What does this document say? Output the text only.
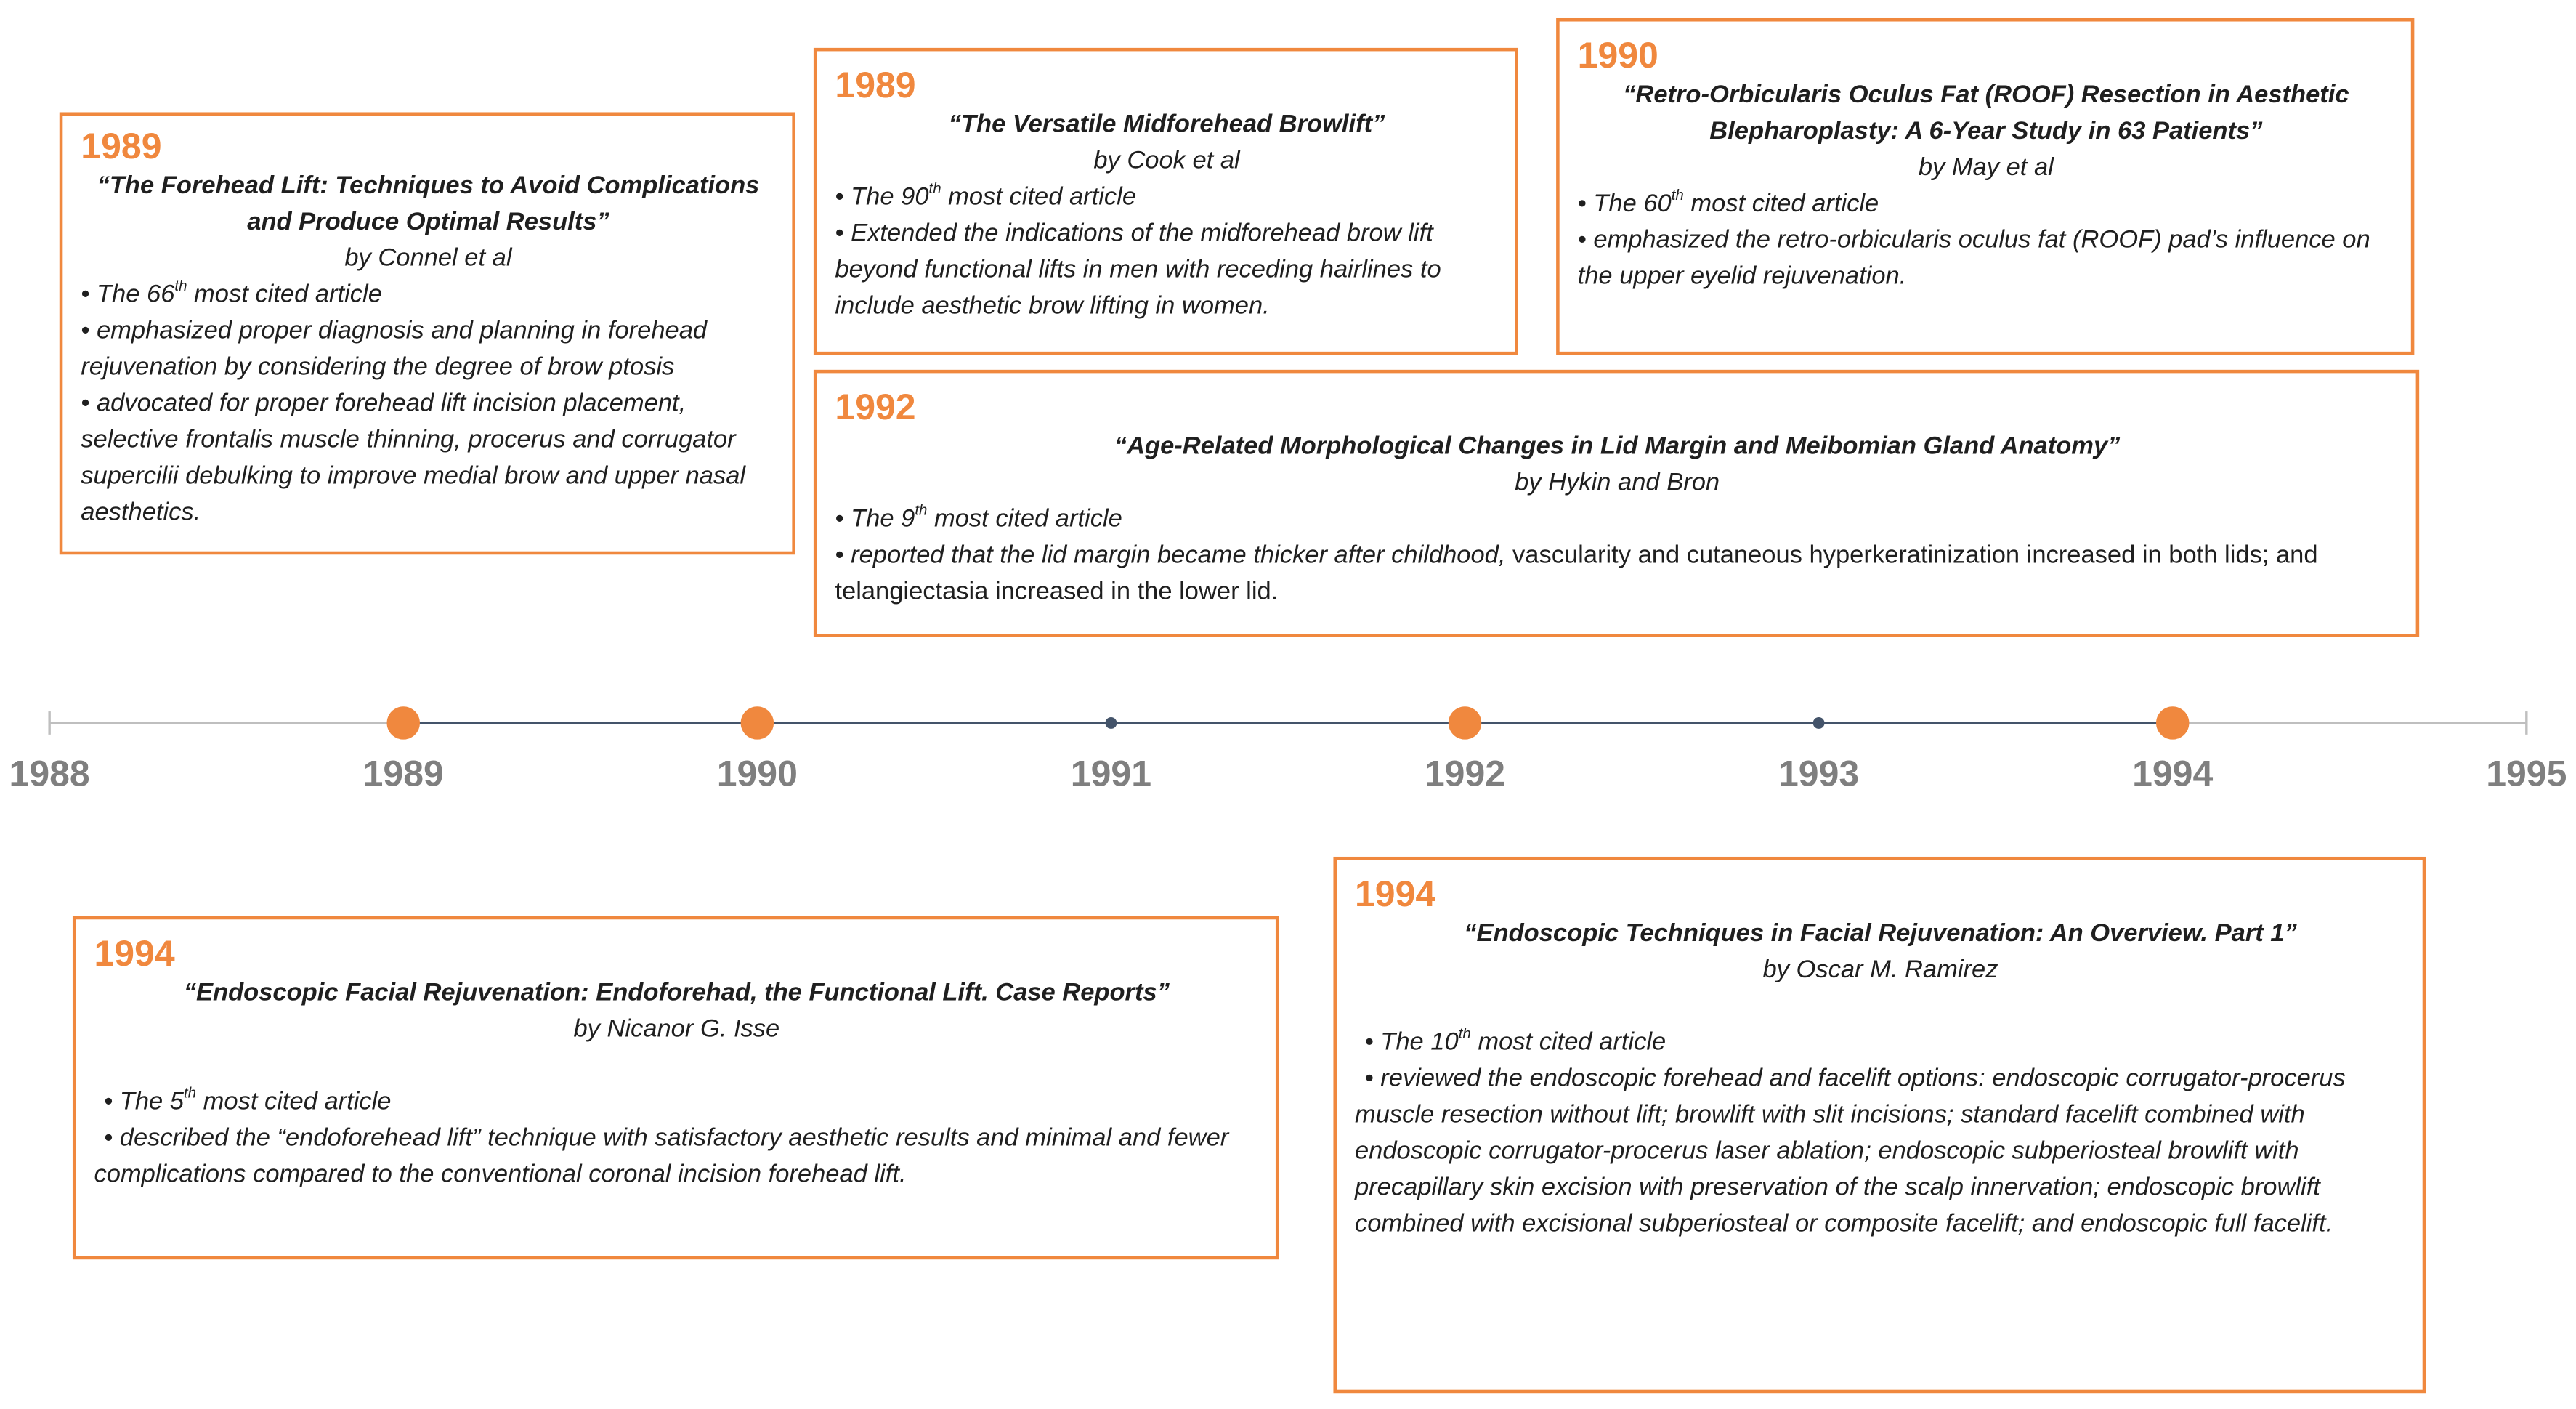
1988	1989	1990	1991	1992	1993	1994	1995
1989
“The Forehead Lift: Techniques to Avoid Complications and Produce Optimal Results”
by Connel et al
• The 66th most cited article
• emphasized proper diagnosis and planning in forehead rejuvenation by considering the degree of brow ptosis
• advocated for proper forehead lift incision placement, selective frontalis muscle thinning, procerus and corrugator supercilii debulking to improve medial brow and upper nasal aesthetics.
1989
“The Versatile Midforehead Browlift”
by Cook et al
• The 90th most cited article
• Extended the indications of the midforehead brow lift beyond functional lifts in men with receding hairlines to include aesthetic brow lifting in women.
1990
“Retro-Orbicularis Oculus Fat (ROOF) Resection in Aesthetic Blepharoplasty: A 6-Year Study in 63 Patients”
by May et al
• The 60th most cited article
• emphasized the retro-orbicularis oculus fat (ROOF) pad’s influence on the upper eyelid rejuvenation.
1992
“Age-Related Morphological Changes in Lid Margin and Meibomian Gland Anatomy”
by Hykin and Bron
• The 9th most cited article
• reported that the lid margin became thicker after childhood, vascularity and cutaneous hyperkeratinization increased in both lids; and telangiectasia increased in the lower lid.
1994
“Endoscopic Facial Rejuvenation: Endoforehad, the Functional Lift. Case Reports”
by Nicanor G. Isse
• The 5th most cited article
• described the “endoforehead lift” technique with satisfactory aesthetic results and minimal and fewer complications compared to the conventional coronal incision forehead lift.
1994
“Endoscopic Techniques in Facial Rejuvenation: An Overview. Part 1”
by Oscar M. Ramirez
• The 10th most cited article
• reviewed the endoscopic forehead and facelift options: endoscopic corrugator-procerus muscle resection without lift; browlift with slit incisions; standard facelift combined with endoscopic corrugator-procerus laser ablation; endoscopic subperiosteal browlift with precapillary skin excision with preservation of the scalp innervation; endoscopic browlift combined with excisional subperiosteal or composite facelift; and endoscopic full facelift.
